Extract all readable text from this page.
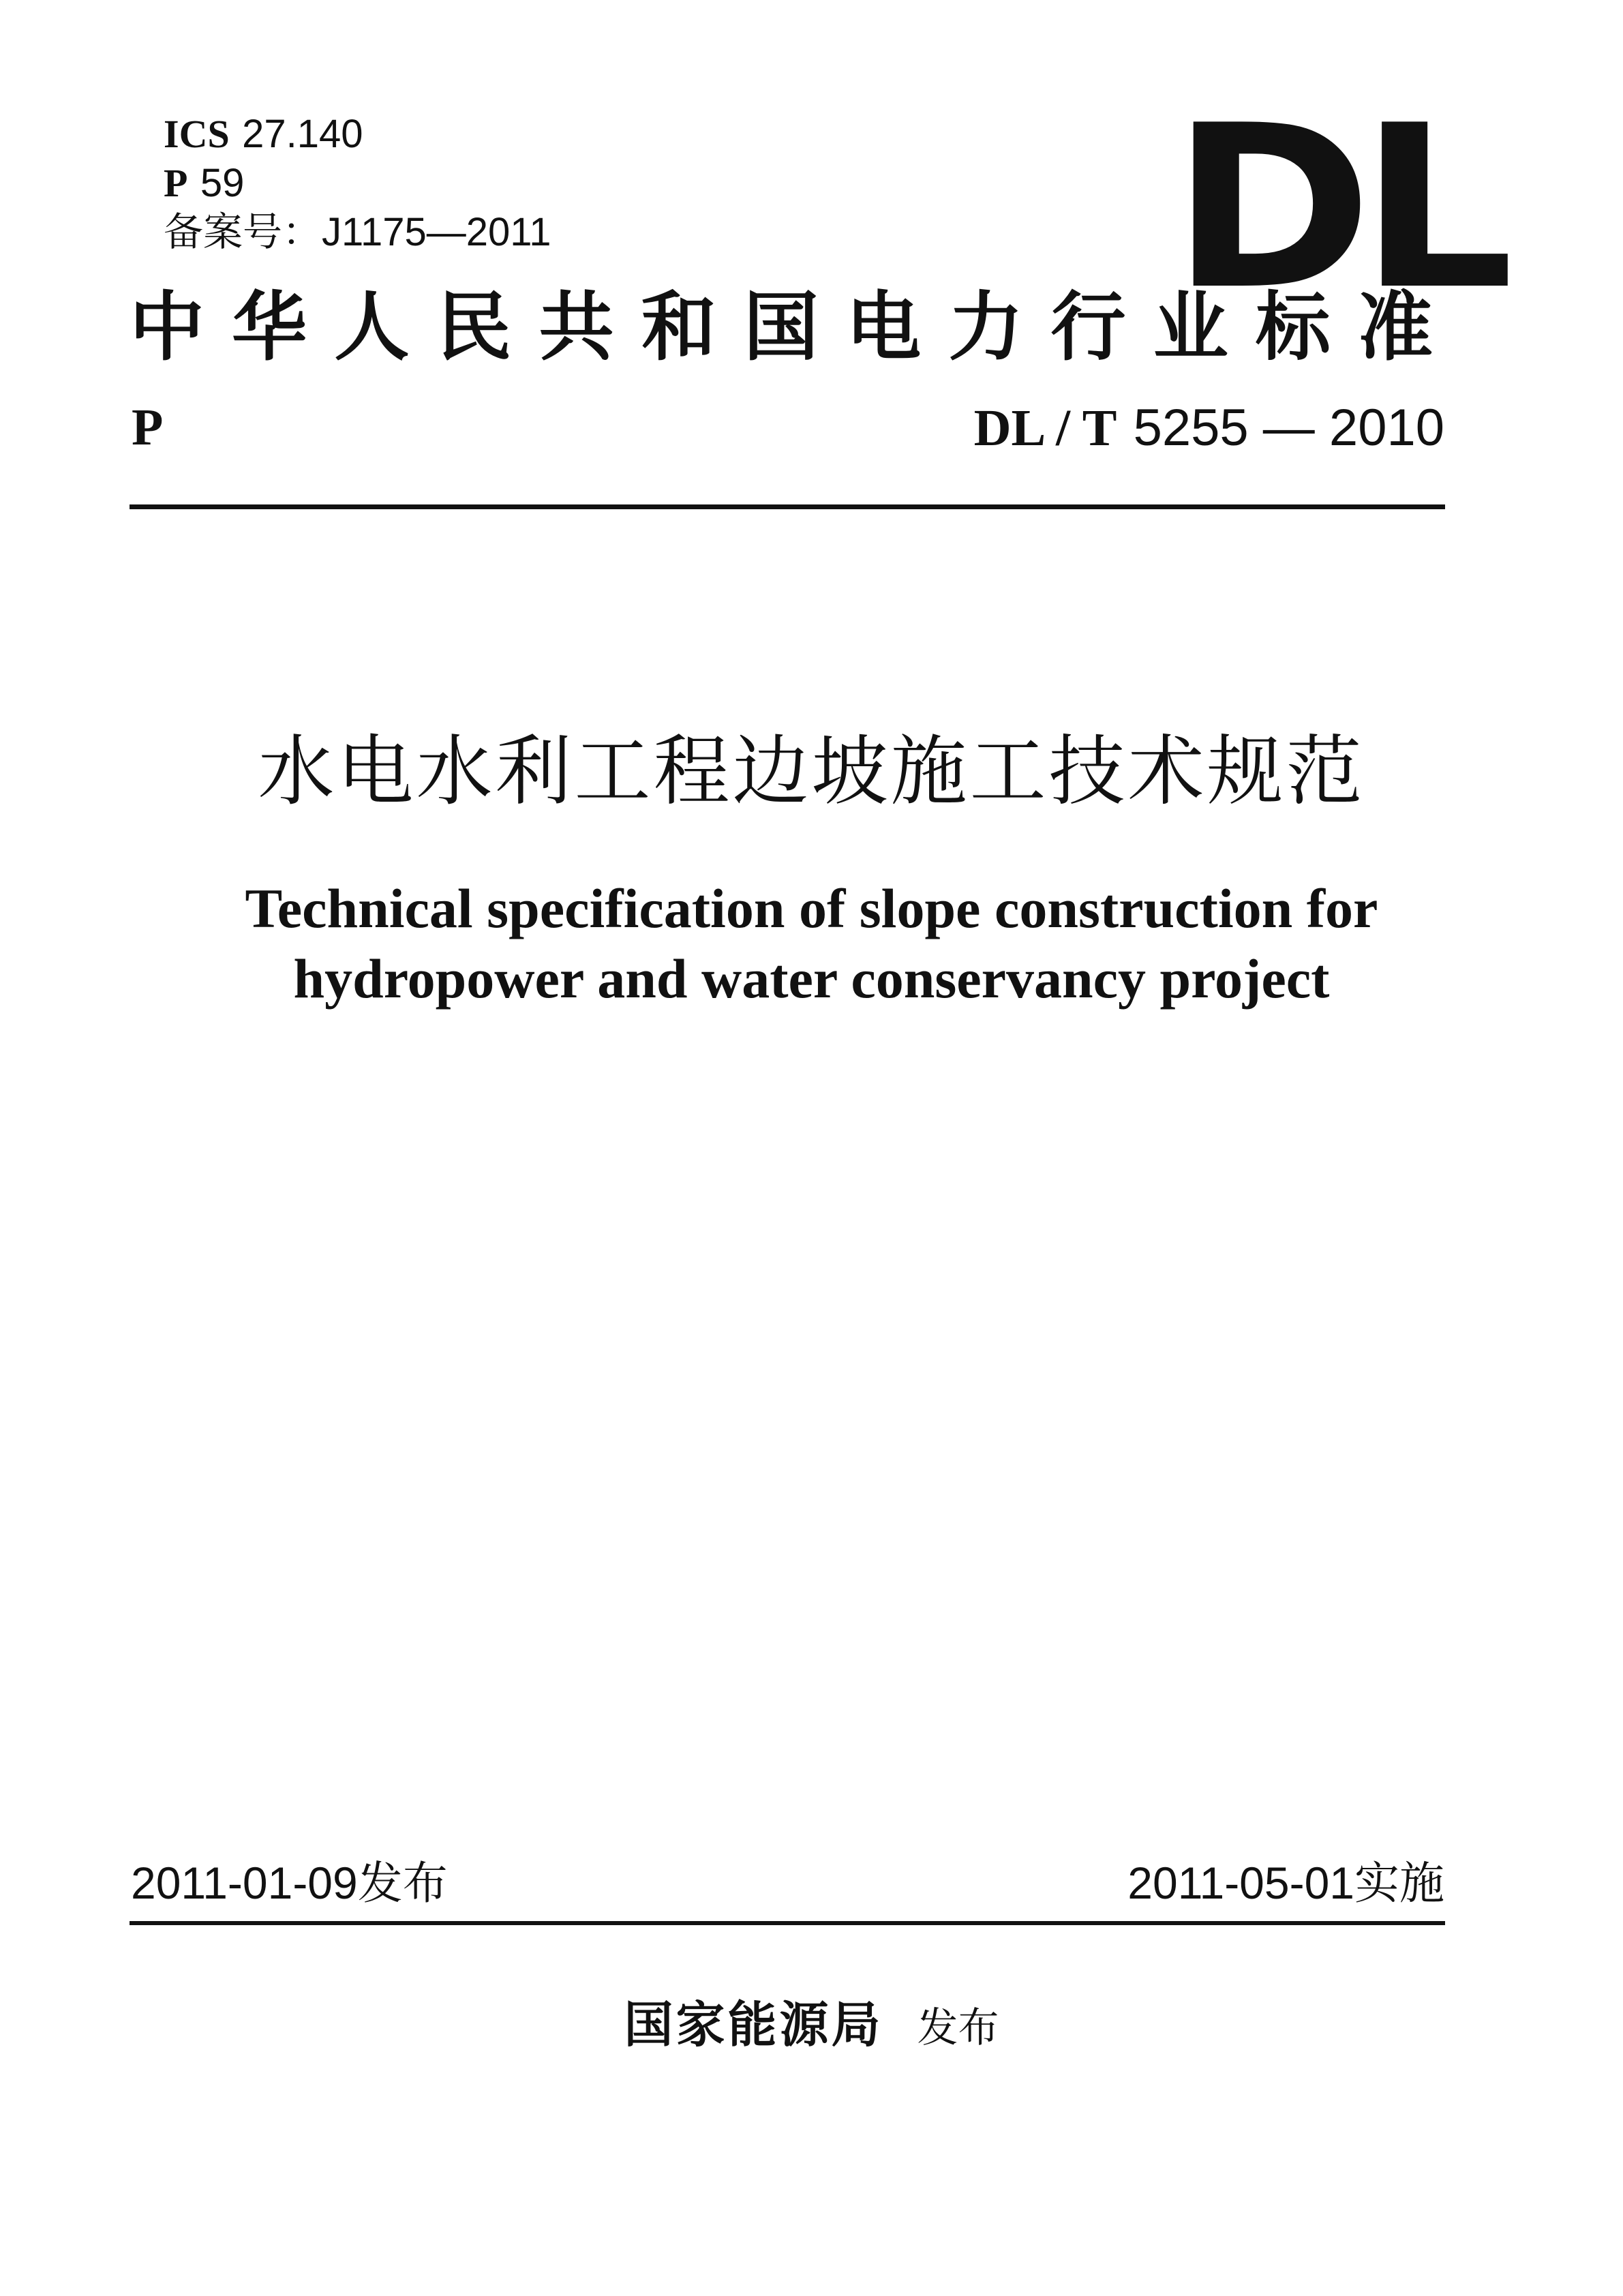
ICS 27.140
P 59
备案号：J1175—2011	DL
中华人民共和国电力行业标准
P	DL / T 5255 — 2010
水电水利工程边坡施工技术规范
Technical specification of slope construction for
hydropower and water conservancy project
2011-01-09发布	2011-05-01实施
国家能源局 发布
